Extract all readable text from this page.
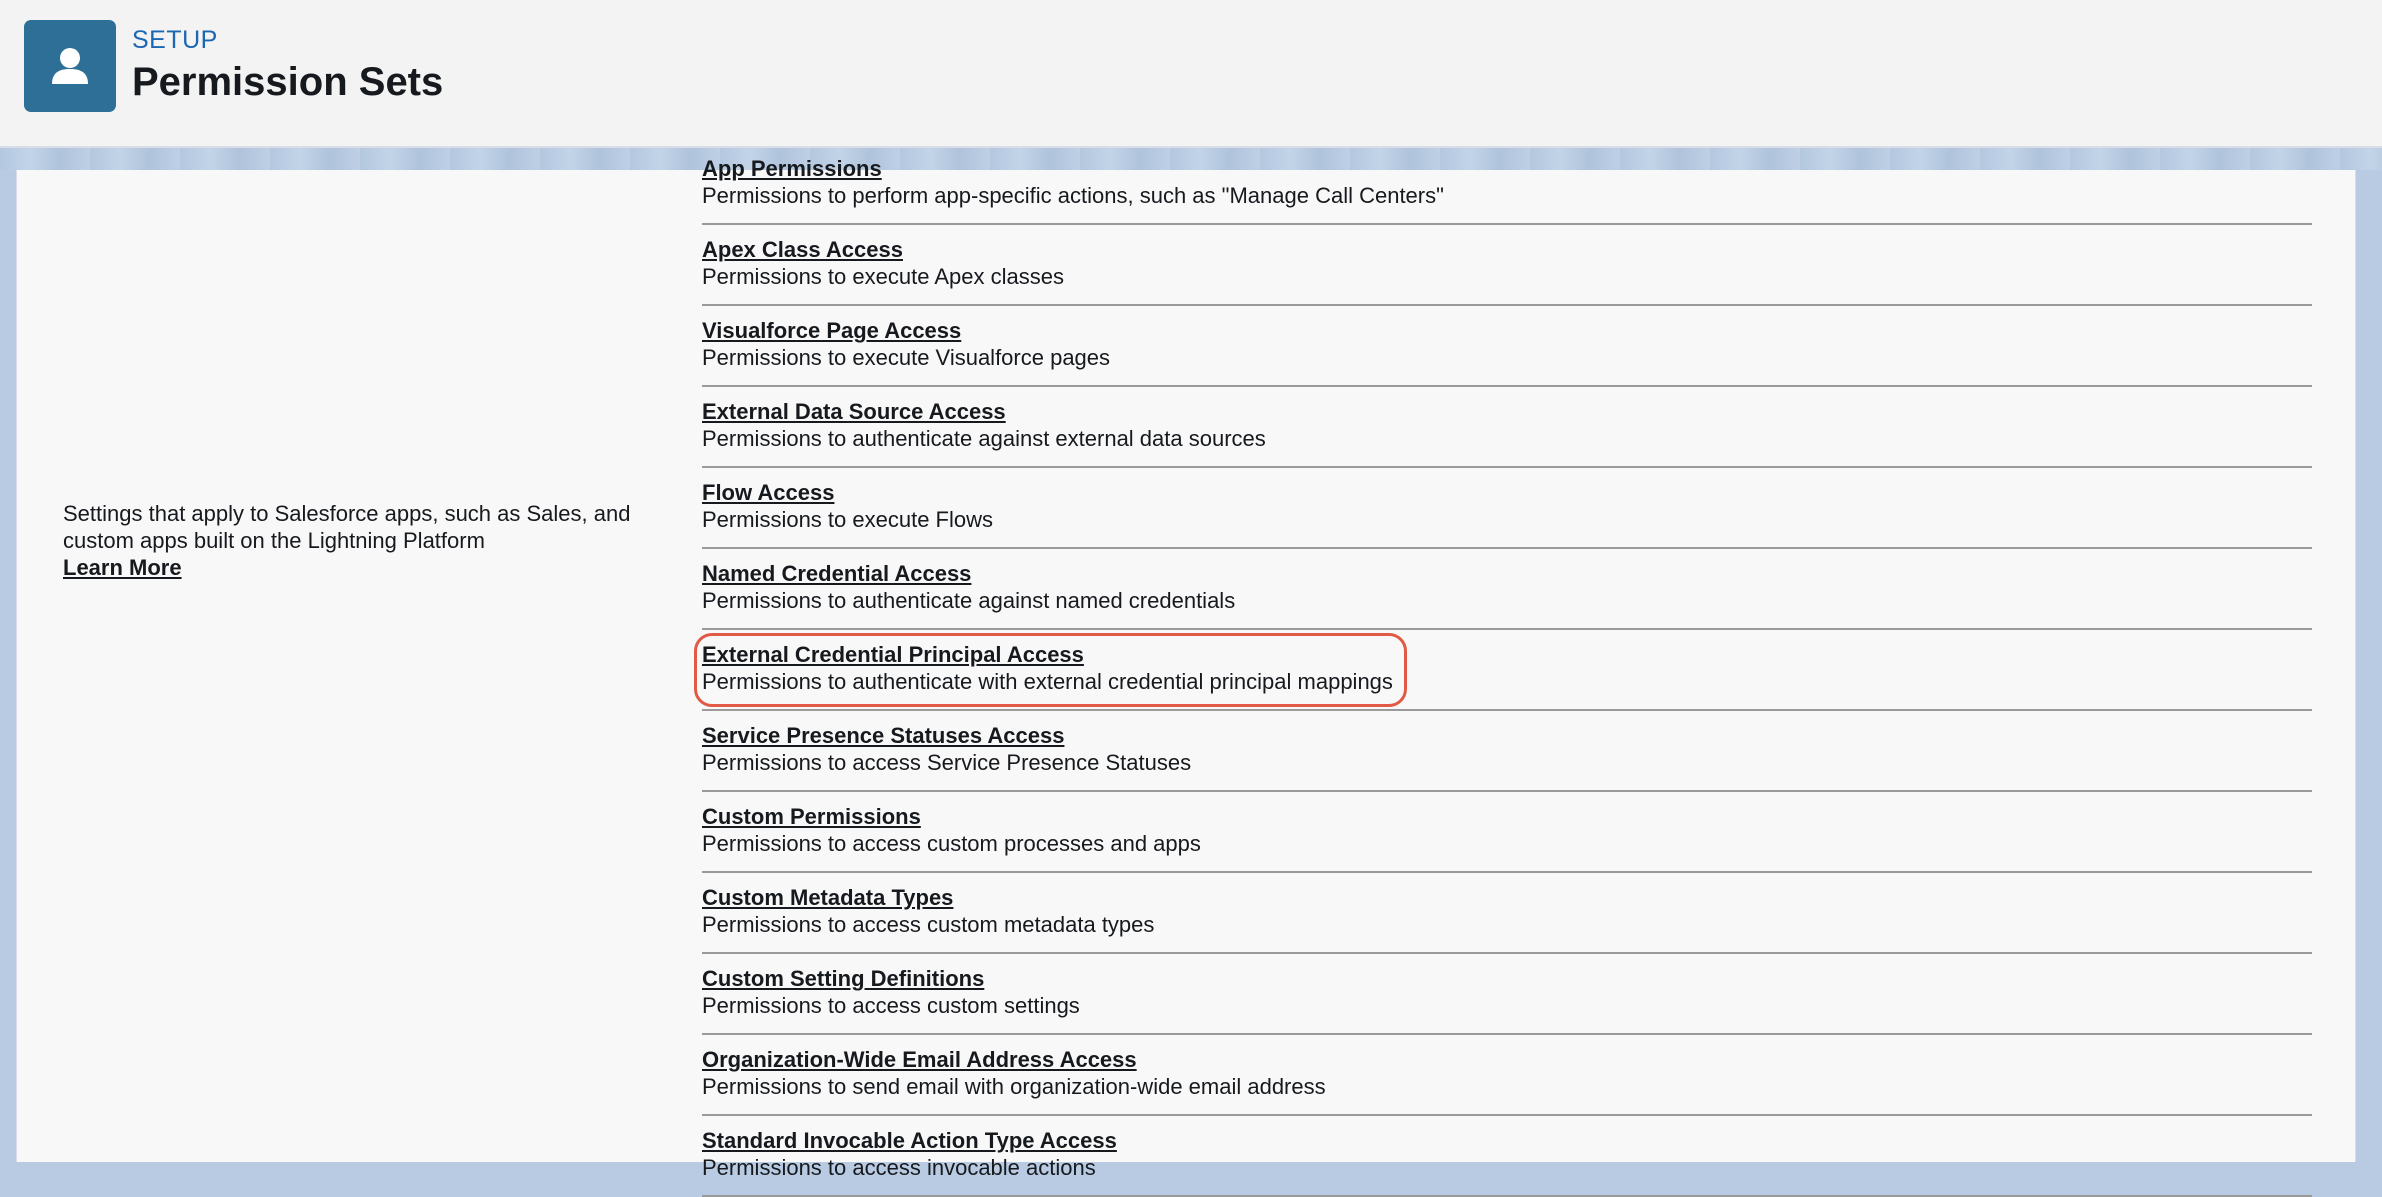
SETUP
Permission Sets
Settings that apply to Salesforce apps, such as Sales, and custom apps built on the Lightning Platform
Learn More
App Permissions
Permissions to perform app-specific actions, such as "Manage Call Centers"
Apex Class Access
Permissions to execute Apex classes
Visualforce Page Access
Permissions to execute Visualforce pages
External Data Source Access
Permissions to authenticate against external data sources
Flow Access
Permissions to execute Flows
Named Credential Access
Permissions to authenticate against named credentials
External Credential Principal Access
Permissions to authenticate with external credential principal mappings
Service Presence Statuses Access
Permissions to access Service Presence Statuses
Custom Permissions
Permissions to access custom processes and apps
Custom Metadata Types
Permissions to access custom metadata types
Custom Setting Definitions
Permissions to access custom settings
Organization-Wide Email Address Access
Permissions to send email with organization-wide email address
Standard Invocable Action Type Access
Permissions to access invocable actions
